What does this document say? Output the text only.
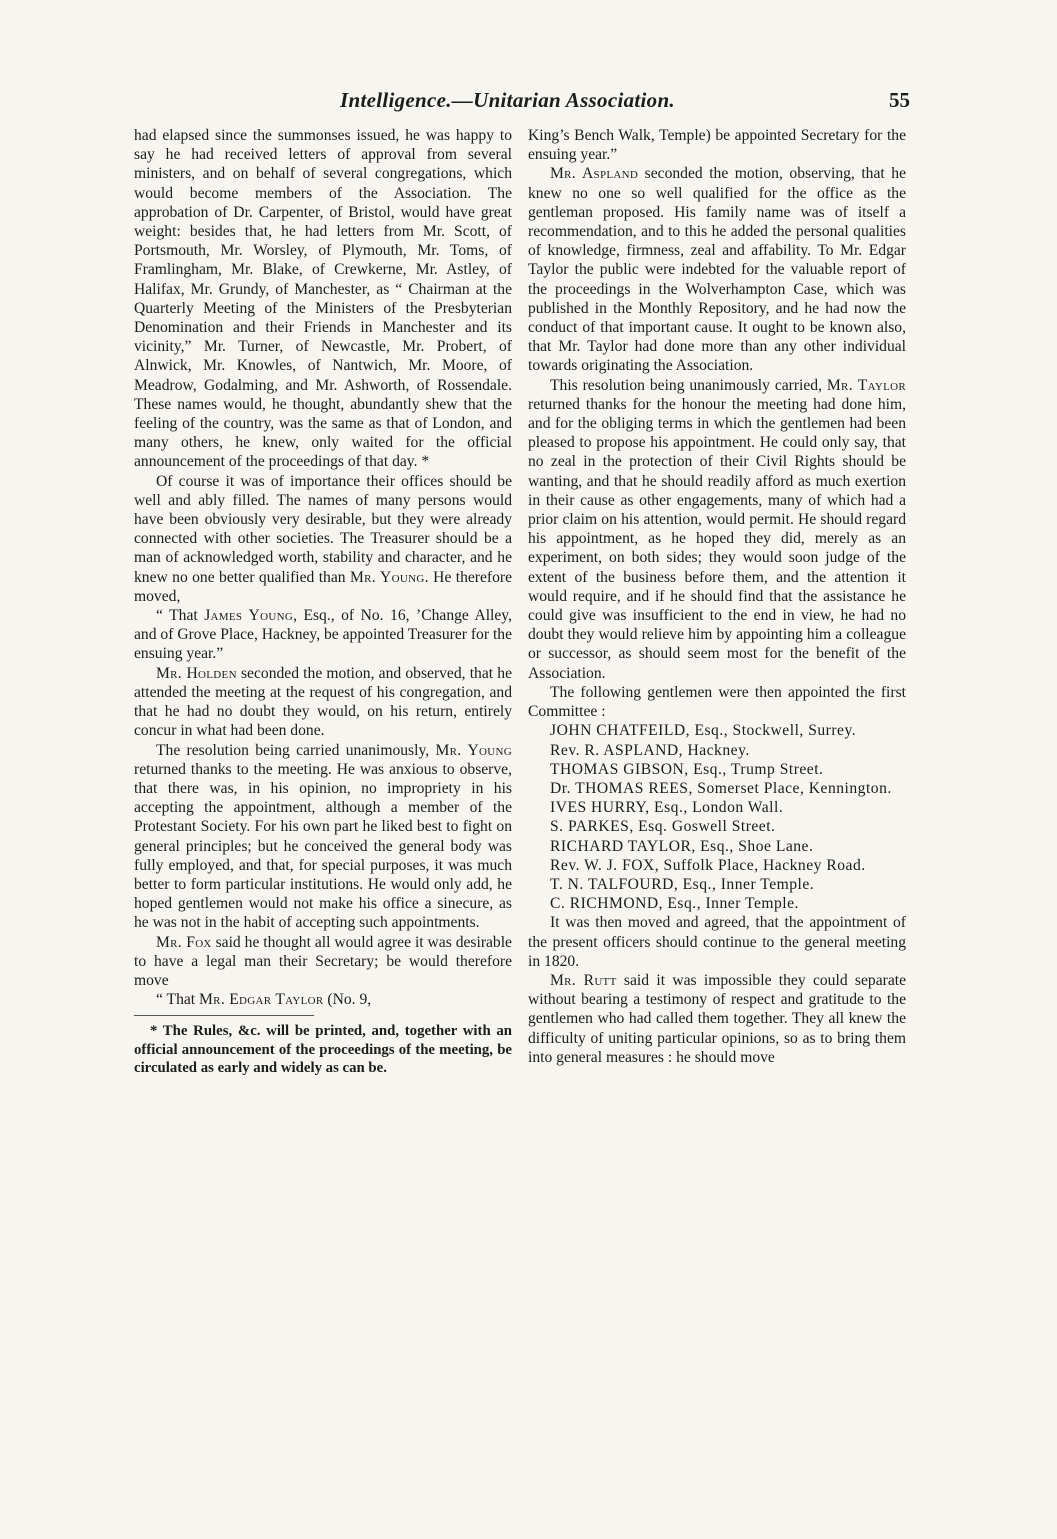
Intelligence.—Unitarian Association.	55

had elapsed since the summonses issued, he was happy to say he had received letters of approval from several ministers, and on behalf of several congregations, which would become members of the Association. The approbation of Dr. Carpenter, of Bristol, would have great weight: besides that, he had letters from Mr. Scott, of Portsmouth, Mr. Worsley, of Plymouth, Mr. Toms, of Framlingham, Mr. Blake, of Crewkerne, Mr. Astley, of Halifax, Mr. Grundy, of Manchester, as “ Chairman at the Quarterly Meeting of the Ministers of the Presbyterian Denomination and their Friends in Manchester and its vicinity,” Mr. Turner, of Newcastle, Mr. Probert, of Alnwick, Mr. Knowles, of Nantwich, Mr. Moore, of Meadrow, Godalming, and Mr. Ashworth, of Rossendale. These names would, he thought, abundantly shew that the feeling of the country, was the same as that of London, and many others, he knew, only waited for the official announcement of the proceedings of that day. *

Of course it was of importance their offices should be well and ably filled. The names of many persons would have been obviously very desirable, but they were already connected with other societies. The Treasurer should be a man of acknowledged worth, stability and character, and he knew no one better qualified than Mr. Young. He therefore moved,

“ That James Young, Esq., of No. 16, ’Change Alley, and of Grove Place, Hackney, be appointed Treasurer for the ensuing year.”

Mr. Holden seconded the motion, and observed, that he attended the meeting at the request of his congregation, and that he had no doubt they would, on his return, entirely concur in what had been done.

The resolution being carried unanimously, Mr. Young returned thanks to the meeting. He was anxious to observe, that there was, in his opinion, no impropriety in his accepting the appointment, although a member of the Protestant Society. For his own part he liked best to fight on general principles; but he conceived the general body was fully employed, and that, for special purposes, it was much better to form particular institutions. He would only add, he hoped gentlemen would not make his office a sinecure, as he was not in the habit of accepting such appointments.

Mr. Fox said he thought all would agree it was desirable to have a legal man their Secretary; be would therefore move

“ That Mr. Edgar Taylor (No. 9,

* The Rules, &c. will be printed, and, together with an official announcement of the proceedings of the meeting, be circulated as early and widely as can be.

King’s Bench Walk, Temple) be appointed Secretary for the ensuing year.”

Mr. Aspland seconded the motion, observing, that he knew no one so well qualified for the office as the gentleman proposed. His family name was of itself a recommendation, and to this he added the personal qualities of knowledge, firmness, zeal and affability. To Mr. Edgar Taylor the public were indebted for the valuable report of the proceedings in the Wolverhampton Case, which was published in the Monthly Repository, and he had now the conduct of that important cause. It ought to be known also, that Mr. Taylor had done more than any other individual towards originating the Association.

This resolution being unanimously carried, Mr. Taylor returned thanks for the honour the meeting had done him, and for the obliging terms in which the gentlemen had been pleased to propose his appointment. He could only say, that no zeal in the protection of their Civil Rights should be wanting, and that he should readily afford as much exertion in their cause as other engagements, many of which had a prior claim on his attention, would permit. He should regard his appointment, as he hoped they did, merely as an experiment, on both sides; they would soon judge of the extent of the business before them, and the attention it would require, and if he should find that the assistance he could give was insufficient to the end in view, he had no doubt they would relieve him by appointing him a colleague or successor, as should seem most for the benefit of the Association.

The following gentlemen were then appointed the first Committee :

JOHN CHATFEILD, Esq., Stockwell, Surrey.

Rev. R. ASPLAND, Hackney.

THOMAS GIBSON, Esq., Trump Street.

Dr. THOMAS REES, Somerset Place, Kennington.

IVES HURRY, Esq., London Wall.

S. PARKES, Esq. Goswell Street.

RICHARD TAYLOR, Esq., Shoe Lane.

Rev. W. J. FOX, Suffolk Place, Hackney Road.

T. N. TALFOURD, Esq., Inner Temple.

C. RICHMOND, Esq., Inner Temple.

It was then moved and agreed, that the appointment of the present officers should continue to the general meeting in 1820.

Mr. Rutt said it was impossible they could separate without bearing a testimony of respect and gratitude to the gentlemen who had called them together. They all knew the difficulty of uniting particular opinions, so as to bring them into general measures : he should move
